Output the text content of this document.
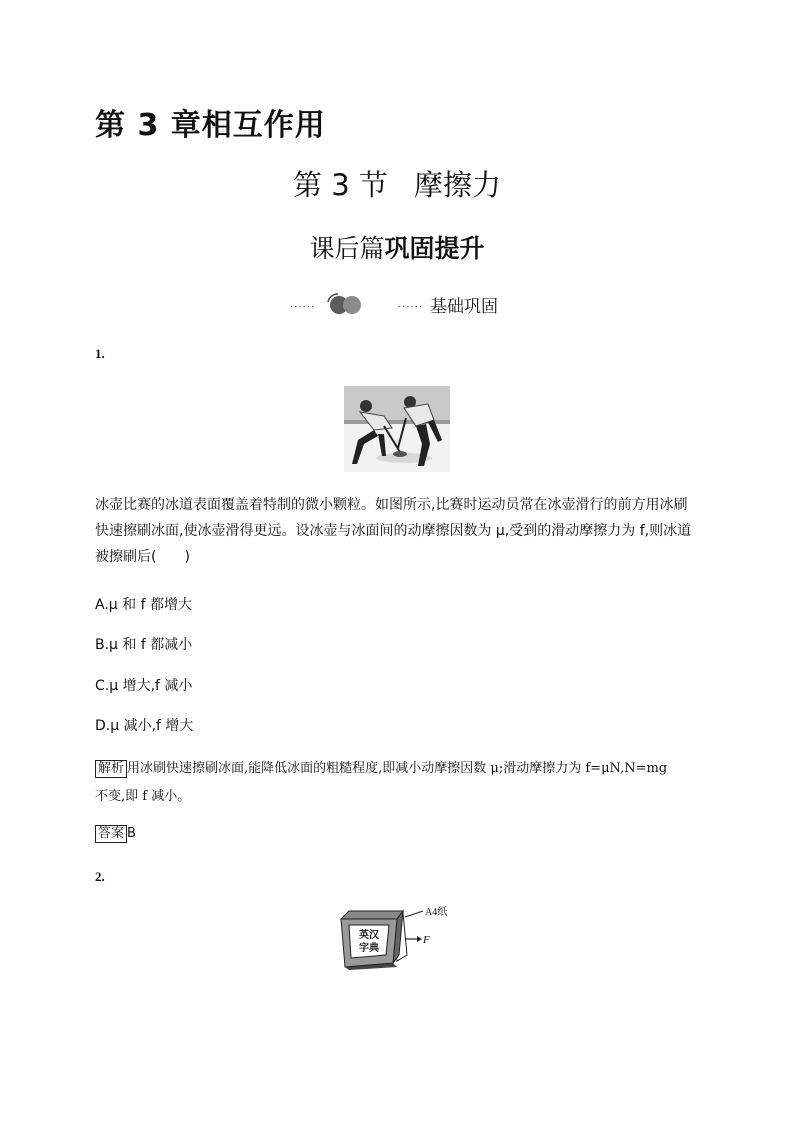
第 3 章相互作用
第 3 节 摩擦力
课后篇巩固提升
······	······ 基础巩固
1.
冰壶比赛的冰道表面覆盖着特制的微小颗粒。如图所示,比赛时运动员常在冰壶滑行的前方用冰刷快速擦刷冰面,使冰壶滑得更远。设冰壶与冰面间的动摩擦因数为 μ,受到的滑动摩擦力为 f,则冰道被擦刷后(　　)
A.μ 和 f 都增大
B.μ 和 f 都减小
C.μ 增大,f 减小
D.μ 减小,f 增大
解析 用冰刷快速擦刷冰面,能降低冰面的粗糙程度,即减小动摩擦因数 μ;滑动摩擦力为 f=μN,N=mg
不变,即 f 减小。
答案 B
2.
英汉
字典
A4纸
F
